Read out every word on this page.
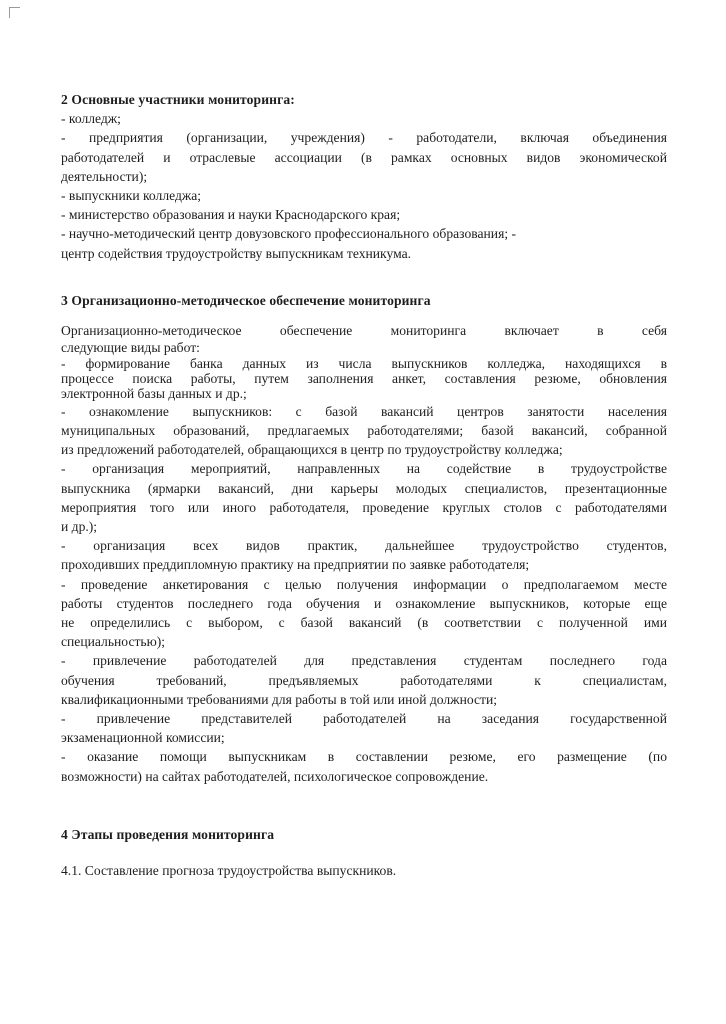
2 Основные участники мониторинга:

- колледж;

- предприятия (организации, учреждения) - работодатели, включая объединения

работодателей и отраслевые ассоциации (в рамках основных видов экономической

деятельности);

- выпускники колледжа;

- министерство образования и науки Краснодарского края;

- научно-методический центр довузовского профессионального образования; -

центр содействия трудоустройству выпускникам техникума.

3 Организационно-методическое обеспечение мониторинга

Организационно-методическое обеспечение мониторинга включает в себя

следующие виды работ:

- формирование банка данных из числа выпускников колледжа, находящихся в

процессе поиска работы, путем заполнения анкет, составления резюме, обновления

электронной базы данных и др.;

- ознакомление выпускников: с базой вакансий центров занятости населения

муниципальных образований, предлагаемых работодателями; базой вакансий, собранной

из предложений работодателей, обращающихся в центр по трудоустройству колледжа;

- организация мероприятий, направленных на содействие в трудоустройстве

выпускника (ярмарки вакансий, дни карьеры молодых специалистов, презентационные

мероприятия того или иного работодателя, проведение круглых столов с работодателями

и др.);

- организация всех видов практик, дальнейшее трудоустройство студентов,

проходивших преддипломную практику на предприятии по заявке работодателя;

- проведение анкетирования с целью получения информации о предполагаемом месте

работы студентов последнего года обучения и ознакомление выпускников, которые еще

не определились с выбором, с базой вакансий (в соответствии с полученной ими

специальностью);

- привлечение работодателей для представления студентам последнего года

обучения требований, предъявляемых работодателями к специалистам,

квалификационными требованиями для работы в той или иной должности;

- привлечение представителей работодателей на заседания государственной

экзаменационной комиссии;

- оказание помощи выпускникам в составлении резюме, его размещение (по

возможности) на сайтах работодателей, психологическое сопровождение.

4 Этапы проведения мониторинга

4.1. Составление прогноза трудоустройства выпускников.
